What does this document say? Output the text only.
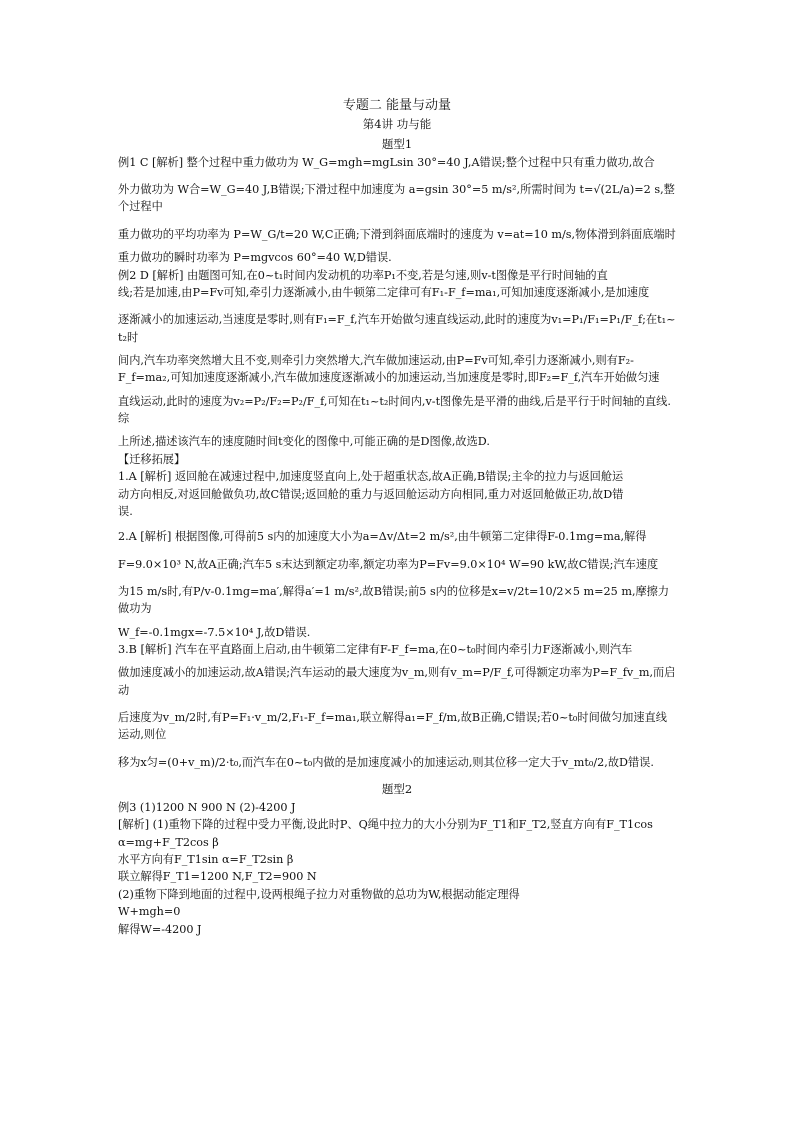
专题二 能量与动量
第4讲 功与能
题型1

例1 C [解析] 整个过程中重力做功为 W_G=mgh=mgLsin 30°=40 J,A错误;整个过程中只有重力做功,故合

外力做功为 W合=W_G=40 J,B错误;下滑过程中加速度为 a=gsin 30°=5 m/s²,所需时间为 t=√(2L/a)=2 s,整个过程中

重力做功的平均功率为 P=W_G/t=20 W,C正确;下滑到斜面底端时的速度为 v=at=10 m/s,物体滑到斜面底端时

重力做功的瞬时功率为 P=mgvcos 60°=40 W,D错误.

例2 D [解析] 由题图可知,在0~t₁时间内发动机的功率P₁不变,若是匀速,则v-t图像是平行时间轴的直

线;若是加速,由P=Fv可知,牵引力逐渐减小,由牛顿第二定律可有F₁-F_f=ma₁,可知加速度逐渐减小,是加速度

逐渐减小的加速运动,当速度是零时,则有F₁=F_f,汽车开始做匀速直线运动,此时的速度为v₁=P₁/F₁=P₁/F_f;在t₁~t₂时

间内,汽车功率突然增大且不变,则牵引力突然增大,汽车做加速运动,由P=Fv可知,牵引力逐渐减小,则有F₂-

F_f=ma₂,可知加速度逐渐减小,汽车做加速度逐渐减小的加速运动,当加速度是零时,即F₂=F_f,汽车开始做匀速

直线运动,此时的速度为v₂=P₂/F₂=P₂/F_f,可知在t₁~t₂时间内,v-t图像先是平滑的曲线,后是平行于时间轴的直线.综

上所述,描述该汽车的速度随时间t变化的图像中,可能正确的是D图像,故选D.

【迁移拓展】

1.A [解析] 返回舱在减速过程中,加速度竖直向上,处于超重状态,故A正确,B错误;主伞的拉力与返回舱运

动方向相反,对返回舱做负功,故C错误;返回舱的重力与返回舱运动方向相同,重力对返回舱做正功,故D错

误.

2.A [解析] 根据图像,可得前5 s内的加速度大小为a=Δv/Δt=2 m/s²,由牛顿第二定律得F-0.1mg=ma,解得

F=9.0×10³ N,故A正确;汽车5 s末达到额定功率,额定功率为P=Fv=9.0×10⁴ W=90 kW,故C错误;汽车速度

为15 m/s时,有P/v-0.1mg=ma′,解得a′=1 m/s²,故B错误;前5 s内的位移是x=v/2t=10/2×5 m=25 m,摩擦力做功为

W_f=-0.1mgx=-7.5×10⁴ J,故D错误.

3.B [解析] 汽车在平直路面上启动,由牛顿第二定律有F-F_f=ma,在0~t₀时间内牵引力F逐渐减小,则汽车

做加速度减小的加速运动,故A错误;汽车运动的最大速度为v_m,则有v_m=P/F_f,可得额定功率为P=F_fv_m,而启动

后速度为v_m/2时,有P=F₁·v_m/2,F₁-F_f=ma₁,联立解得a₁=F_f/m,故B正确,C错误;若0~t₀时间做匀加速直线运动,则位

移为x匀=(0+v_m)/2·t₀,而汽车在0~t₀内做的是加速度减小的加速运动,则其位移一定大于v_mt₀/2,故D错误.

题型2

例3 (1)1200 N 900 N (2)-4200 J

[解析] (1)重物下降的过程中受力平衡,设此时P、Q绳中拉力的大小分别为F_T1和F_T2,竖直方向有F_T1cos

α=mg+F_T2cos β

水平方向有F_T1sin α=F_T2sin β

联立解得F_T1=1200 N,F_T2=900 N

(2)重物下降到地面的过程中,设两根绳子拉力对重物做的总功为W,根据动能定理得

W+mgh=0

解得W=-4200 J
